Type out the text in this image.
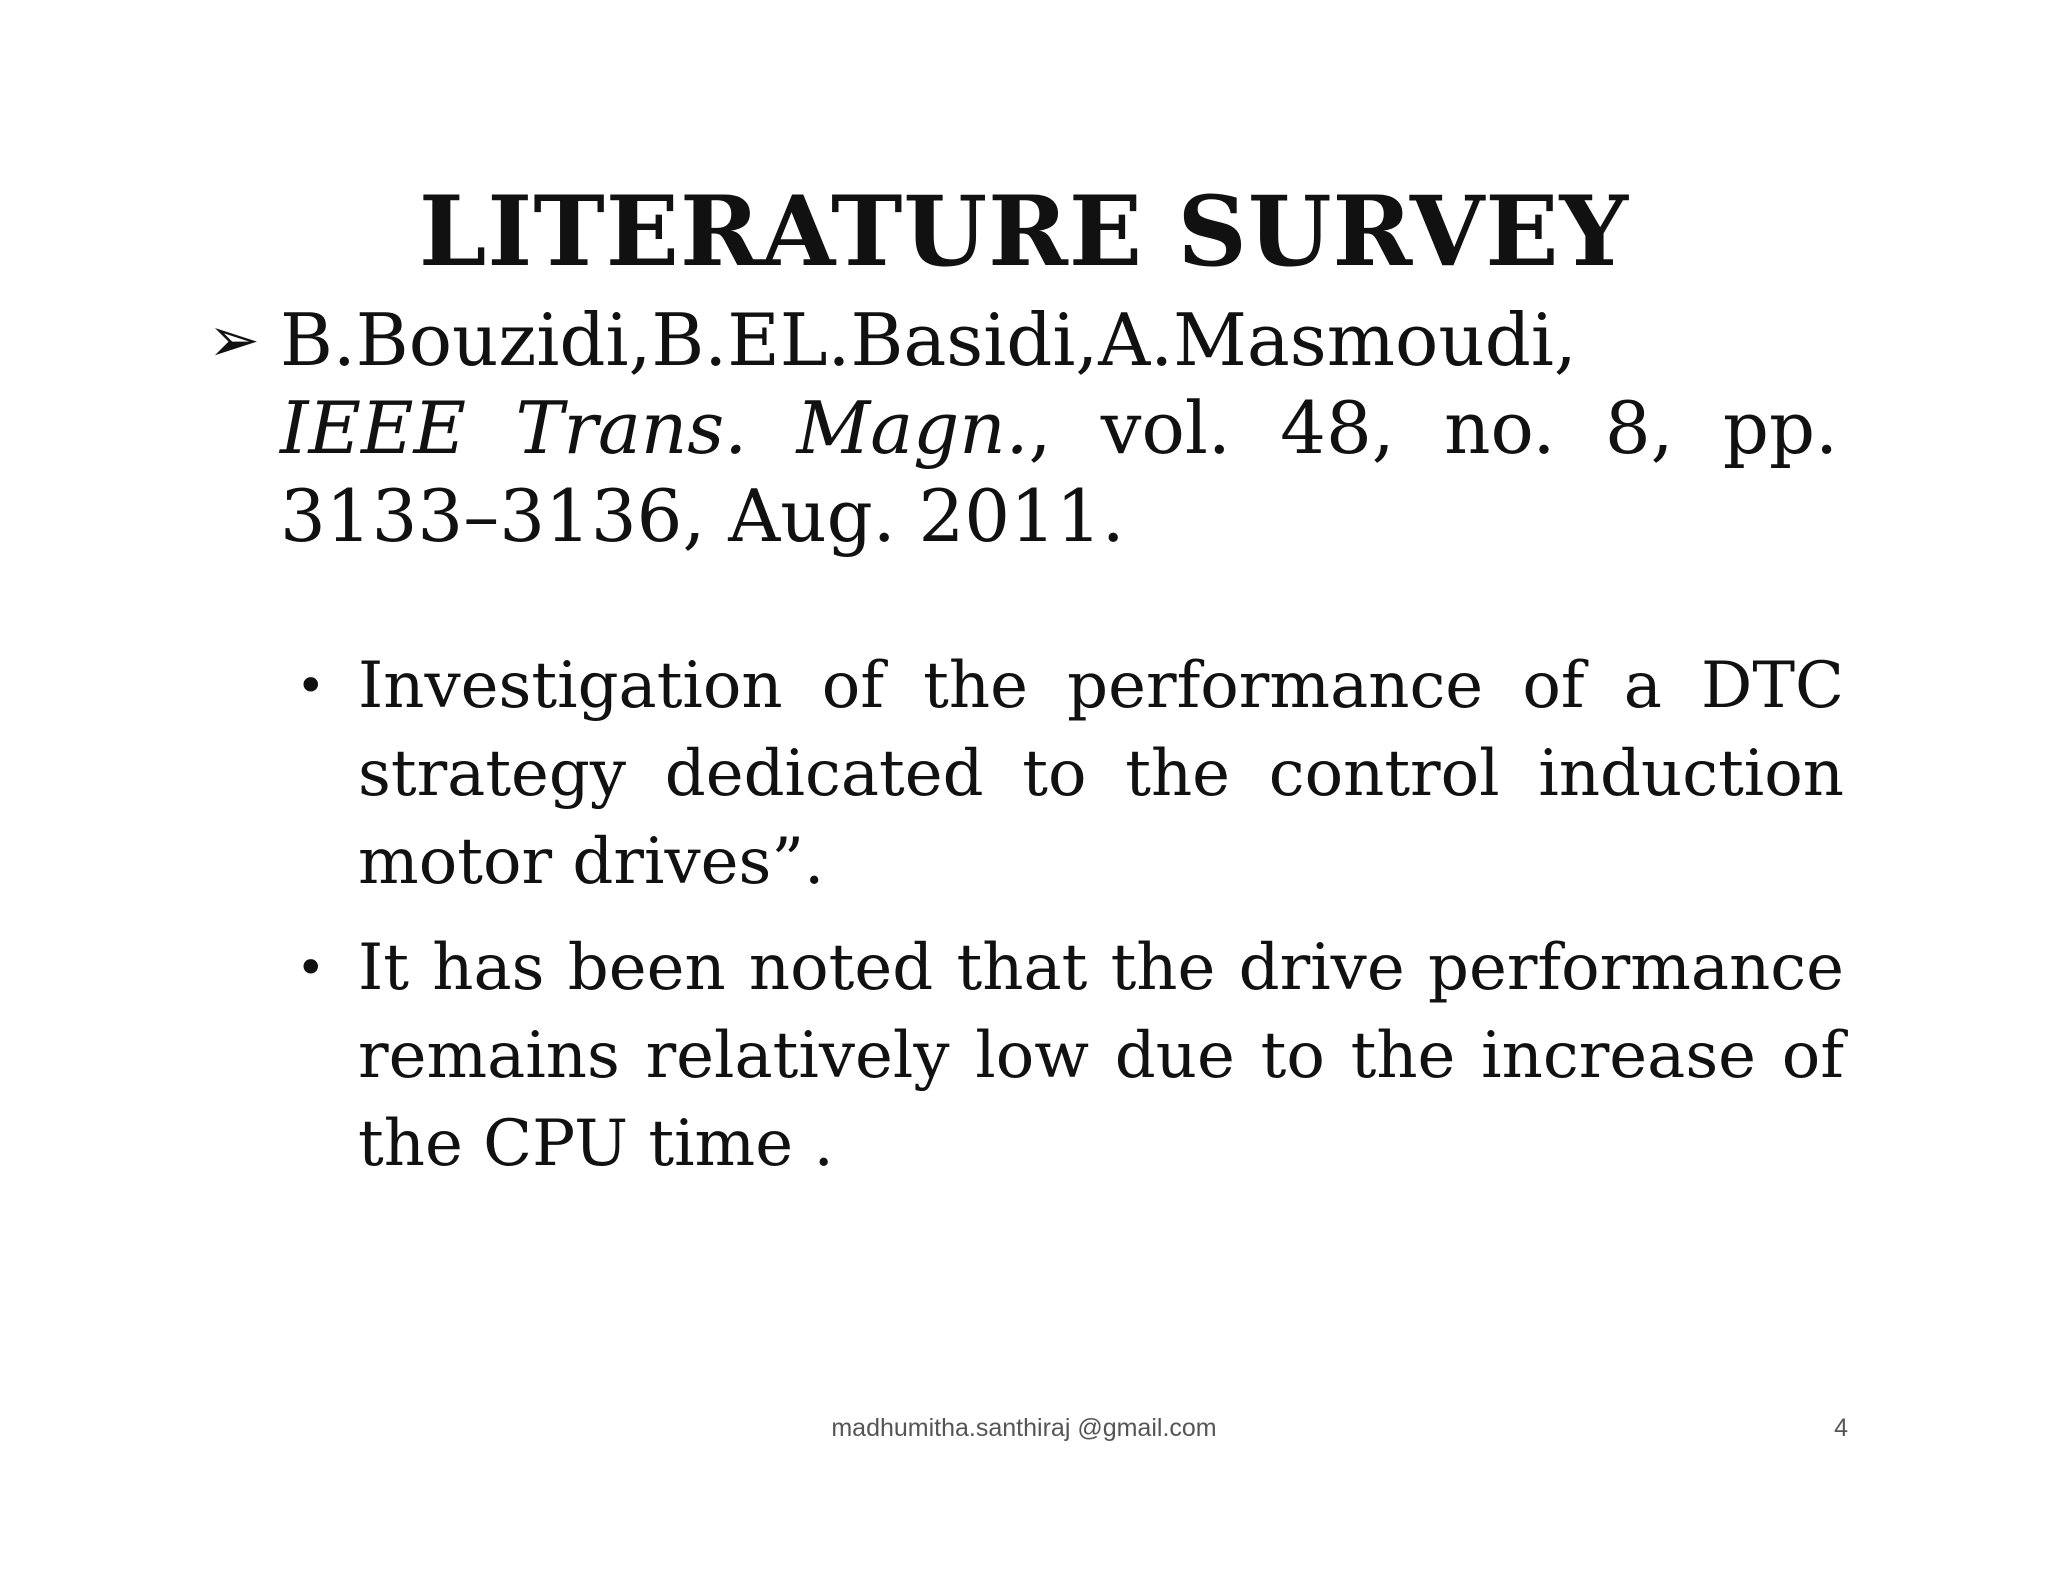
LITERATURE SURVEY
➢ B.Bouzidi,B.EL.Basidi,A.Masmoudi,
IEEE Trans. Magn., vol. 48, no. 8, pp. 3133–3136, Aug. 2011.
• Investigation of the performance of a DTC strategy dedicated to the control induction motor drives”.
• It has been noted that the drive performance remains relatively low due to the increase of the CPU time .
madhumitha.santhiraj @gmail.com	4
